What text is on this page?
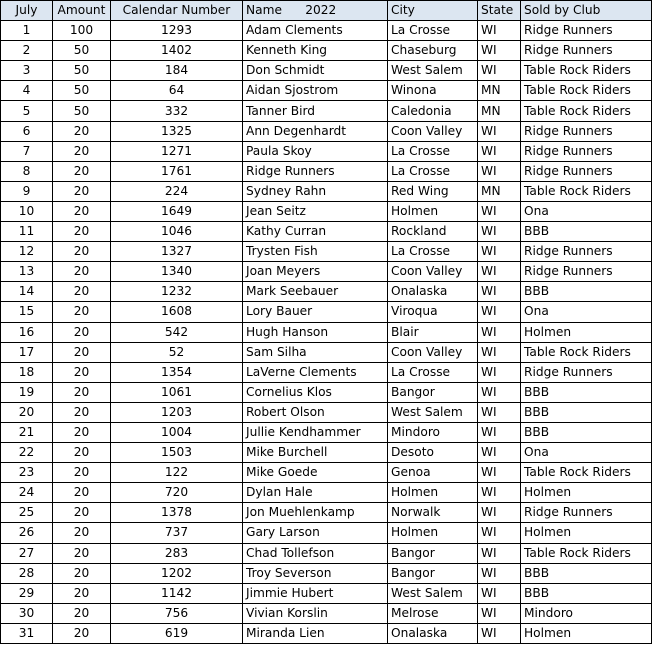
July	Amount	Calendar Number	Name      2022	City	State	Sold by Club
1	100	1293	Adam Clements	La Crosse	WI	Ridge Runners
2	50	1402	Kenneth King	Chaseburg	WI	Ridge Runners
3	50	184	Don Schmidt	West Salem	WI	Table Rock Riders
4	50	64	Aidan Sjostrom	Winona	MN	Table Rock Riders
5	50	332	Tanner Bird	Caledonia	MN	Table Rock Riders
6	20	1325	Ann Degenhardt	Coon Valley	WI	Ridge Runners
7	20	1271	Paula Skoy	La Crosse	WI	Ridge Runners
8	20	1761	Ridge Runners	La Crosse	WI	Ridge Runners
9	20	224	Sydney Rahn	Red Wing	MN	Table Rock Riders
10	20	1649	Jean Seitz	Holmen	WI	Ona
11	20	1046	Kathy Curran	Rockland	WI	BBB
12	20	1327	Trysten Fish	La Crosse	WI	Ridge Runners
13	20	1340	Joan Meyers	Coon Valley	WI	Ridge Runners
14	20	1232	Mark Seebauer	Onalaska	WI	BBB
15	20	1608	Lory Bauer	Viroqua	WI	Ona
16	20	542	Hugh Hanson	Blair	WI	Holmen
17	20	52	Sam Silha	Coon Valley	WI	Table Rock Riders
18	20	1354	LaVerne Clements	La Crosse	WI	Ridge Runners
19	20	1061	Cornelius Klos	Bangor	WI	BBB
20	20	1203	Robert Olson	West Salem	WI	BBB
21	20	1004	Jullie Kendhammer	Mindoro	WI	BBB
22	20	1503	Mike Burchell	Desoto	WI	Ona
23	20	122	Mike Goede	Genoa	WI	Table Rock Riders
24	20	720	Dylan Hale	Holmen	WI	Holmen
25	20	1378	Jon Muehlenkamp	Norwalk	WI	Ridge Runners
26	20	737	Gary Larson	Holmen	WI	Holmen
27	20	283	Chad Tollefson	Bangor	WI	Table Rock Riders
28	20	1202	Troy Severson	Bangor	WI	BBB
29	20	1142	Jimmie Hubert	West Salem	WI	BBB
30	20	756	Vivian Korslin	Melrose	WI	Mindoro
31	20	619	Miranda Lien	Onalaska	WI	Holmen
